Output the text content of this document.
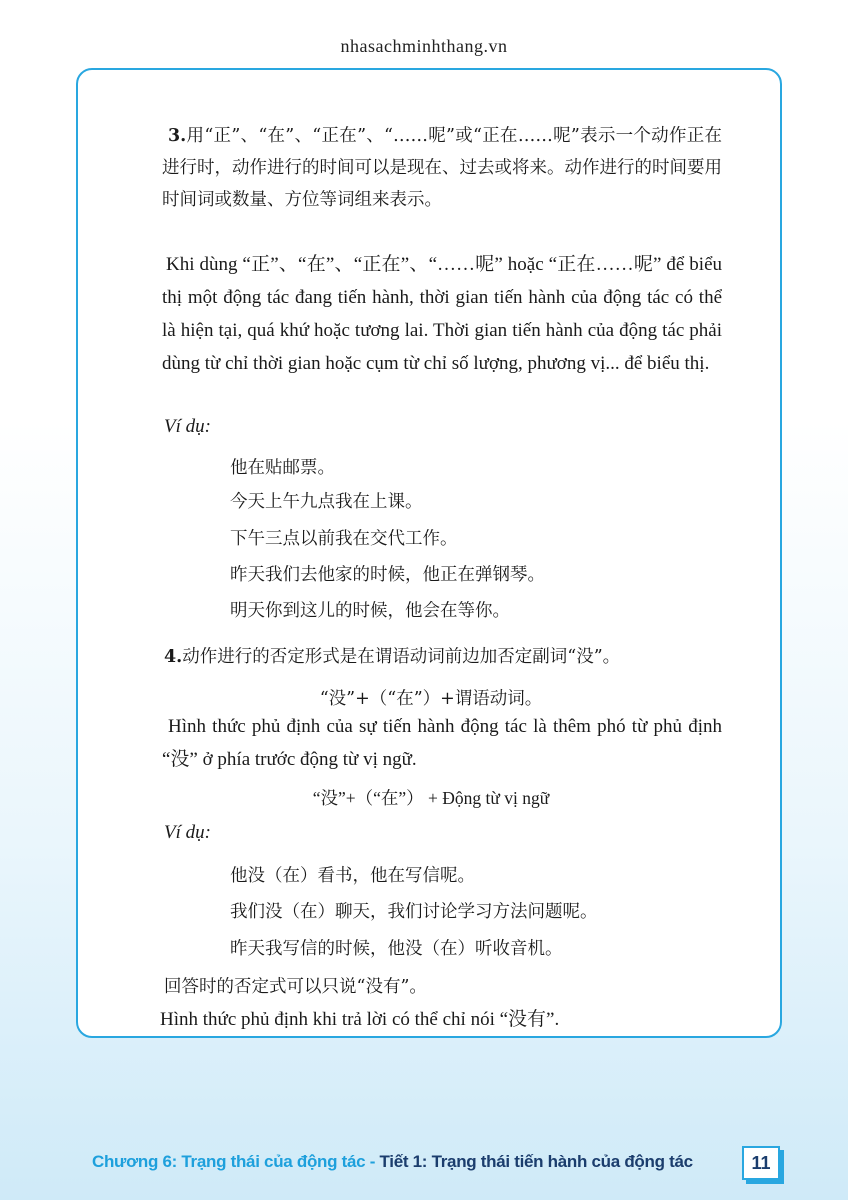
nhasachminhthang.vn
3.用“正”、“在”、“正在”、“……呢”或“正在……呢”表示一个动作正在进行时，动作进行的时间可以是现在、过去或将来。动作进行的时间要用时间词或数量、方位等词组来表示。
Khi dùng “正”、“在”、“正在”、“……呢” hoặc “正在……呢” để biểu thị một động tác đang tiến hành, thời gian tiến hành của động tác có thể là hiện tại, quá khứ hoặc tương lai. Thời gian tiến hành của động tác phải dùng từ chỉ thời gian hoặc cụm từ chỉ số lượng, phương vị... để biểu thị.
Ví dụ:
他在贴邮票。
今天上午九点我在上课。
下午三点以前我在交代工作。
昨天我们去他家的时候，他正在弹钢琴。
明天你到这儿的时候，他会在等你。
4.动作进行的否定形式是在谓语动词前边加否定副词“没”。
“没”+（“在”）+谓语动词。
Hình thức phủ định của sự tiến hành động tác là thêm phó từ phủ định “没” ở phía trước động từ vị ngữ.
“没”+（“在”） + Động từ vị ngữ
Ví dụ:
他没（在）看书，他在写信呢。
我们没（在）聊天，我们讨论学习方法问题呢。
昨天我写信的时候，他没（在）听收音机。
回答时的否定式可以只说“没有”。
Hình thức phủ định khi trả lời có thể chỉ nói “没有”.
Chương 6: Trạng thái của động tác - Tiết 1: Trạng thái tiến hành của động tác	11
